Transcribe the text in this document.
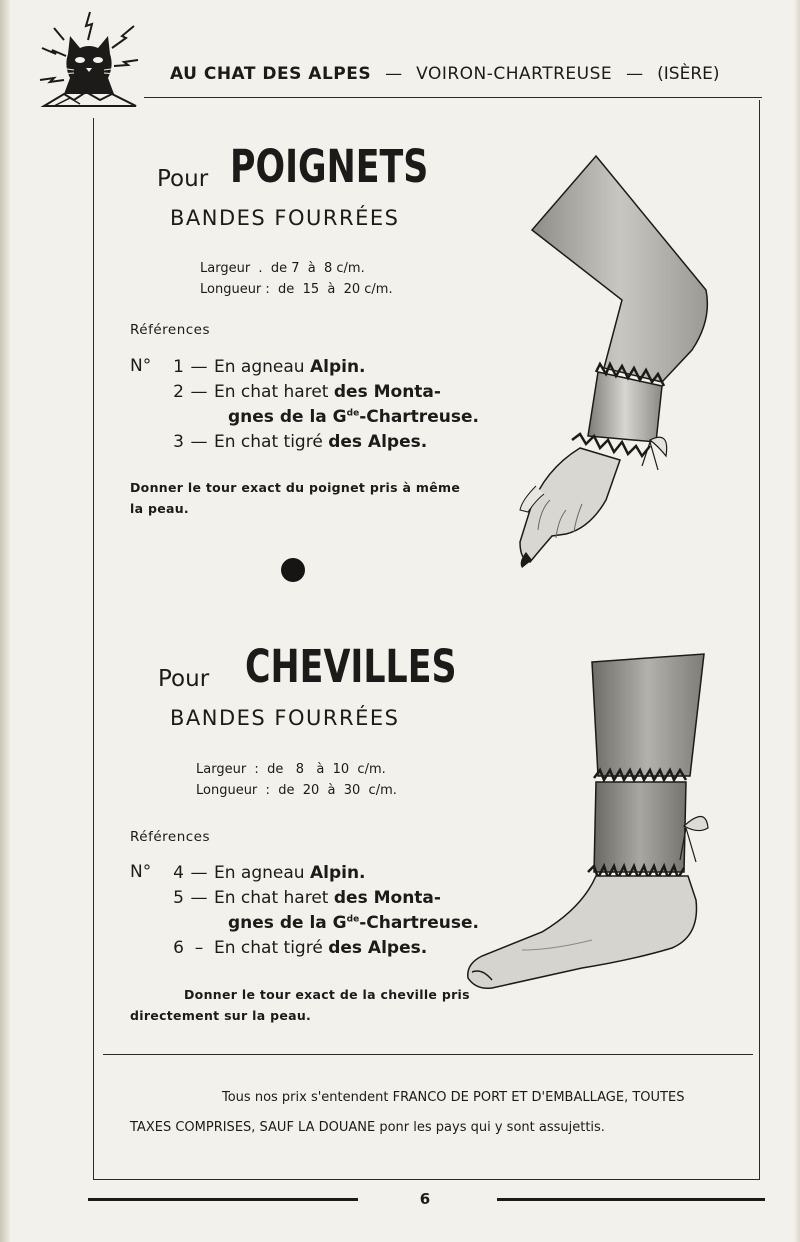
AU CHAT DES ALPES — VOIRON-CHARTREUSE — (ISÈRE)
Pour POIGNETS
BANDES FOURRÉES
Largeur  .  de 7  à  8 c/m.
Longueur :  de  15  à  20 c/m.
Références
N°	1 — En agneau Alpin.
2 — En chat haret des Monta-
gnes de la $G^{de}$-Chartreuse.
3 — En chat tigré des Alpes.
Donner le tour exact du poignet pris à même
la peau.
Pour CHEVILLES
BANDES FOURRÉES
Largeur  :  de   8   à  10  c/m.
Longueur  :  de  20  à  30  c/m.
Références
N°	4 — En agneau Alpin.
5 — En chat haret des Monta-
gnes de la $G^{de}$-Chartreuse.
6 – En chat tigré des Alpes.
Donner le tour exact de la cheville pris
directement sur la peau.
Tous nos prix s'entendent FRANCO DE PORT ET D'EMBALLAGE, TOUTES
TAXES COMPRISES, SAUF LA DOUANE ponr les pays qui y sont assujettis.
6
